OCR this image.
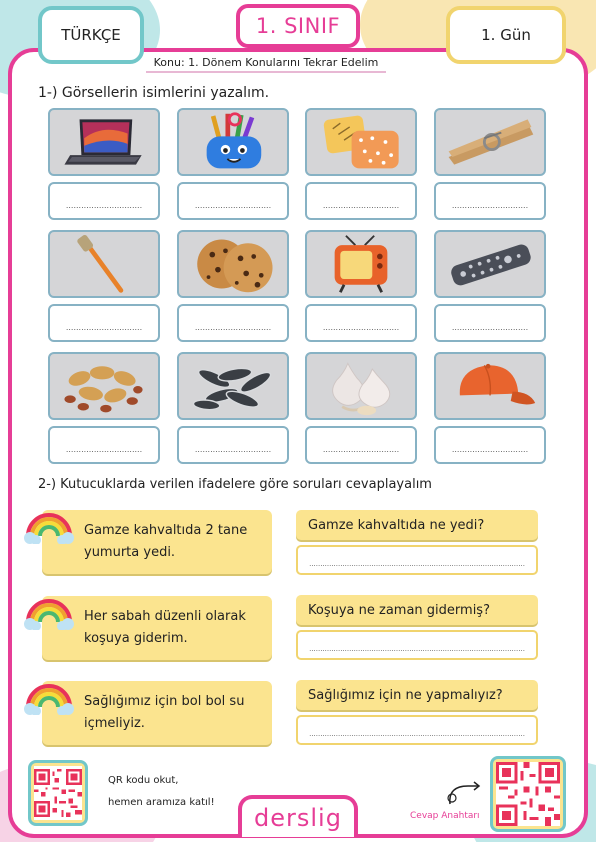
TÜRKÇE	1. SINIF	1. Gün
Konu: 1. Dönem Konularını Tekrar Edelim
1-) Görsellerin isimlerini yazalım.
..............................	..............................	..............................	..............................
..............................	..............................	..............................	..............................
..............................	..............................	..............................	..............................
2-) Kutucuklarda verilen ifadelere göre soruları cevaplayalım
Gamze kahvaltıda 2 tane yumurta yedi.
Gamze kahvaltıda ne yedi?
.................................................................................................
Her sabah düzenli olarak koşuya giderim.
Koşuya ne zaman gidermiş?
.................................................................................................
Sağlığımız için bol bol su içmeliyiz.
Sağlığımız için ne yapmalıyız?
.................................................................................................
QR kodu okut,
hemen aramıza katıl!
derslig	Cevap Anahtarı
